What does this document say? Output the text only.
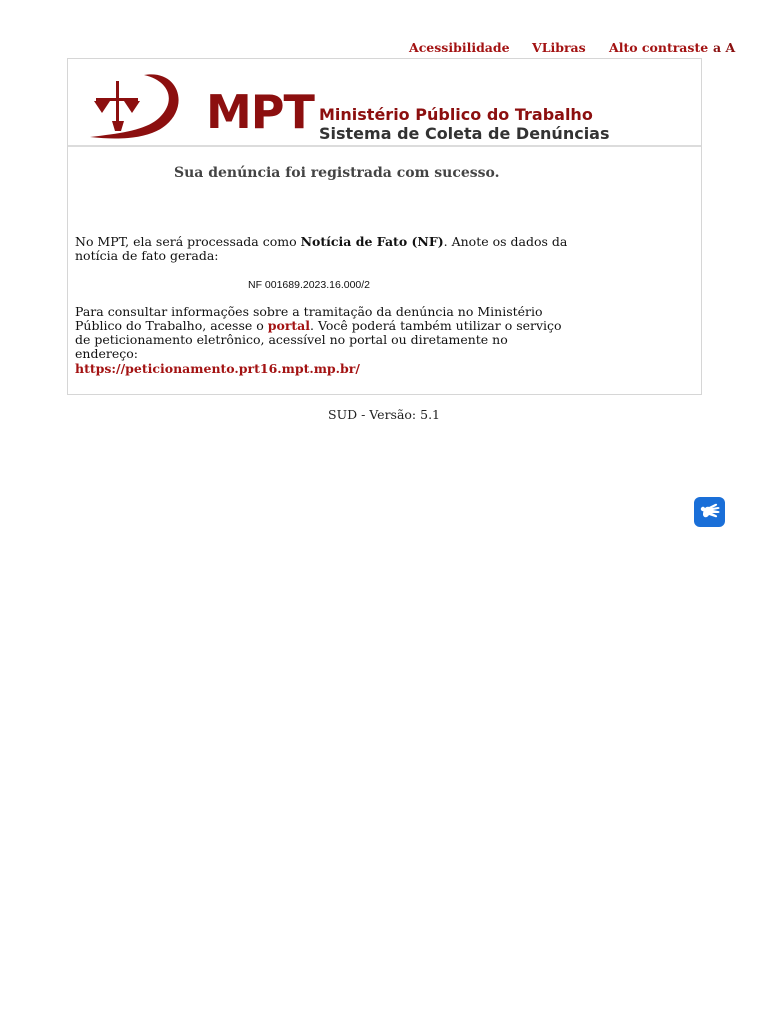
Acessibilidade VLibras Alto contraste a A
MPT Ministério Público do Trabalho
Sistema de Coleta de Denúncias
Sua denúncia foi registrada com sucesso.
No MPT, ela será processada como Notícia de Fato (NF). Anote os dados da notícia de fato gerada:
NF 001689.2023.16.000/2
Para consultar informações sobre a tramitação da denúncia no Ministério Público do Trabalho, acesse o portal. Você poderá também utilizar o serviço de peticionamento eletrônico, acessível no portal ou diretamente no endereço:
https://peticionamento.prt16.mpt.mp.br/
SUD - Versão: 5.1
